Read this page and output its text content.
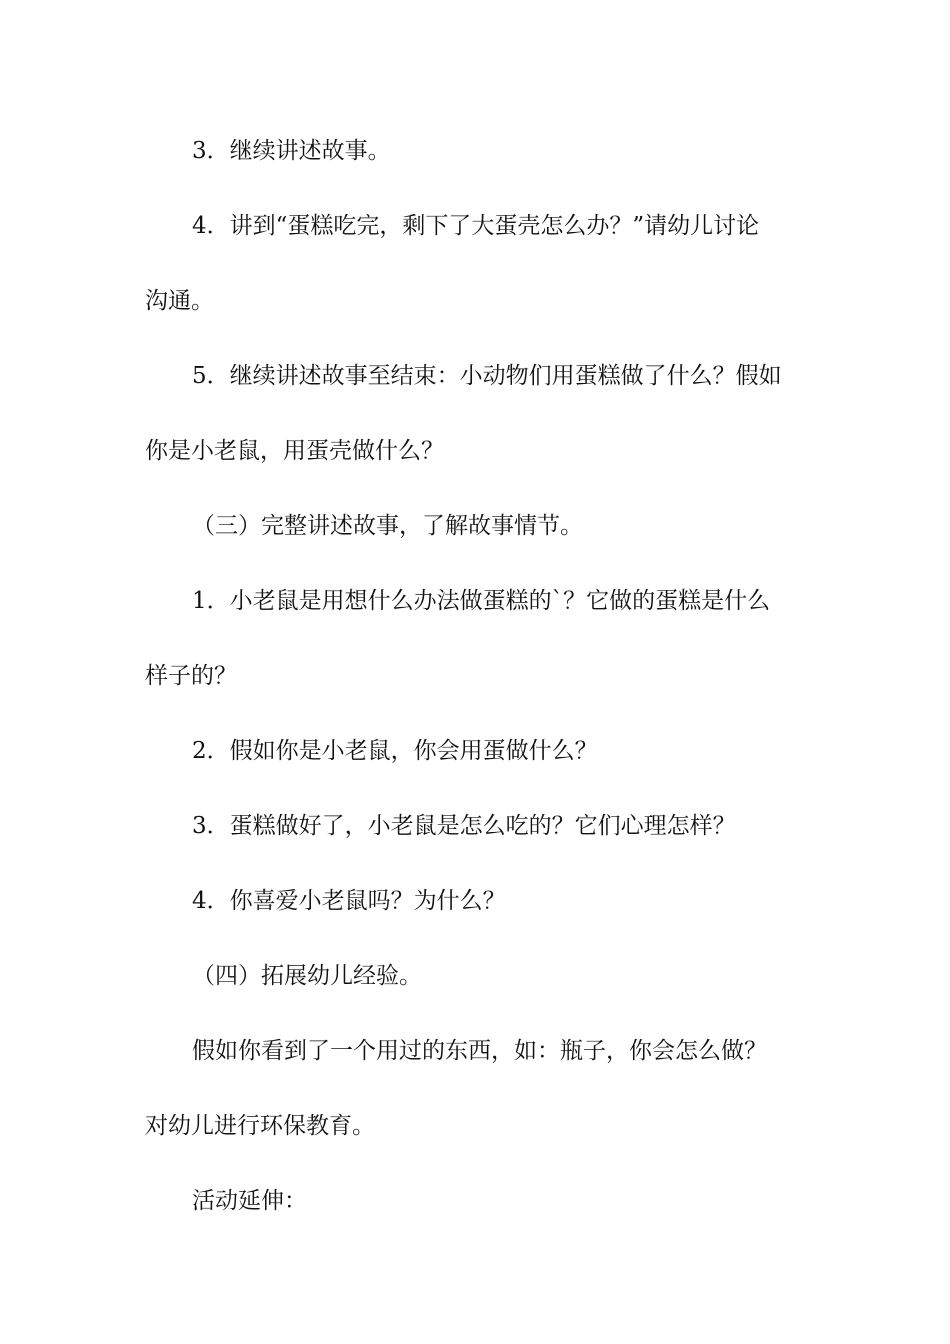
3．继续讲述故事。
4．讲到“蛋糕吃完，剩下了大蛋壳怎么办？”请幼儿讨论
沟通。
5．继续讲述故事至结束：小动物们用蛋糕做了什么？假如
你是小老鼠，用蛋壳做什么？
（三）完整讲述故事，了解故事情节。
1．小老鼠是用想什么办法做蛋糕的`？它做的蛋糕是什么
样子的？
2．假如你是小老鼠，你会用蛋做什么？
3．蛋糕做好了，小老鼠是怎么吃的？它们心理怎样？
4．你喜爱小老鼠吗？为什么？
（四）拓展幼儿经验。
假如你看到了一个用过的东西，如：瓶子，你会怎么做？
对幼儿进行环保教育。
活动延伸：
